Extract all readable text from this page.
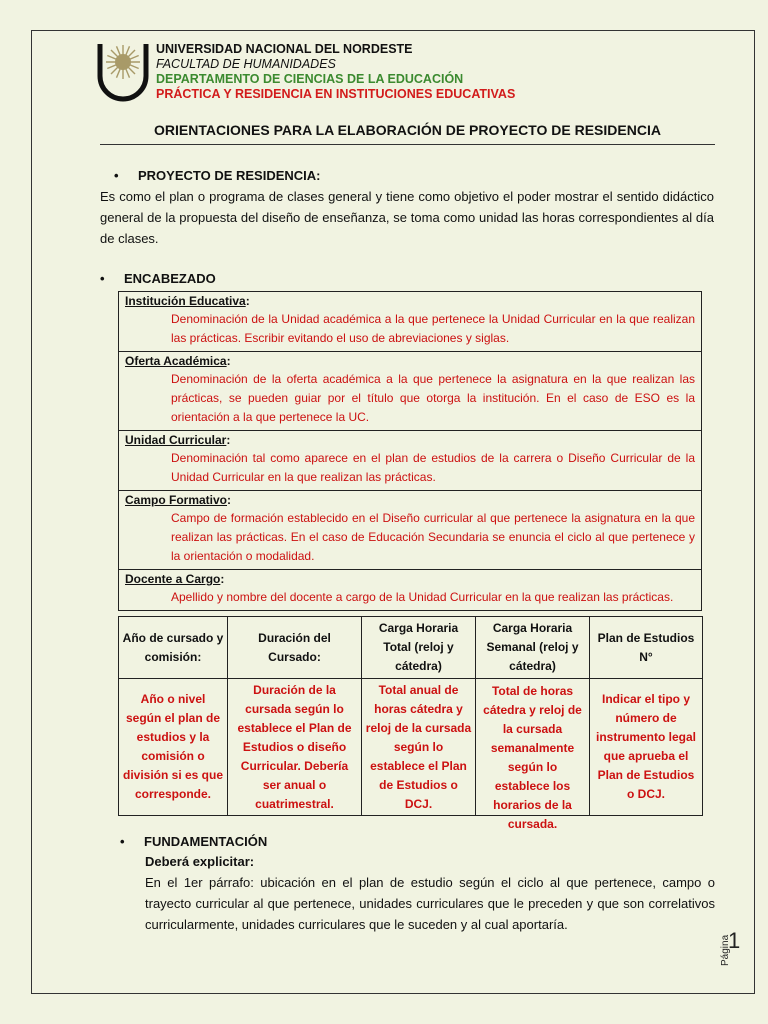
UNIVERSIDAD NACIONAL DEL NORDESTE
FACULTAD DE HUMANIDADES
DEPARTAMENTO DE CIENCIAS DE LA EDUCACIÓN
PRÁCTICA Y RESIDENCIA EN INSTITUCIONES EDUCATIVAS
ORIENTACIONES PARA LA ELABORACIÓN DE PROYECTO DE RESIDENCIA
• PROYECTO DE RESIDENCIA:
Es como el plan o programa de clases general y tiene como objetivo el poder mostrar el sentido didáctico general de la propuesta del diseño de enseñanza, se toma como unidad las horas correspondientes al día de clases.
• ENCABEZADO
Institución Educativa:
Denominación de la Unidad académica a la que pertenece la Unidad Curricular en la que realizan las prácticas. Escribir evitando el uso de abreviaciones y siglas.

Oferta Académica:
Denominación de la oferta académica a la que pertenece la asignatura en la que realizan las prácticas, se pueden guiar por el título que otorga la institución. En el caso de ESO es la orientación a la que pertenece la UC.

Unidad Curricular:
Denominación tal como aparece en el plan de estudios de la carrera o Diseño Curricular de la Unidad Curricular en la que realizan las prácticas.

Campo Formativo:
Campo de formación establecido en el Diseño curricular al que pertenece la asignatura en la que realizan las prácticas. En el caso de Educación Secundaria se enuncia el ciclo al que pertenece y la orientación o modalidad.

Docente a Cargo:
Apellido y nombre del docente a cargo de la Unidad Curricular en la que realizan las prácticas.
Año de cursado y comisión:	Duración del Cursado:	Carga Horaria Total (reloj y cátedra)	Carga Horaria Semanal (reloj y cátedra)	Plan de Estudios N°

Año o nivel según el plan de estudios y la comisión o división si es que corresponde.	Duración de la cursada según lo establece el Plan de Estudios o diseño Curricular. Debería ser anual o cuatrimestral.	Total anual de horas cátedra y reloj de la cursada según lo establece el Plan de Estudios o DCJ.	Total de horas cátedra y reloj de la cursada semanalmente según lo establece los horarios de la cursada.	Indicar el tipo y número de instrumento legal que aprueba el Plan de Estudios o DCJ.
• FUNDAMENTACIÓN
Deberá explicitar:
En el 1er párrafo: ubicación en el plan de estudio según el ciclo al que pertenece, campo o trayecto curricular al que pertenece, unidades curriculares que le preceden y que son correlativos curricularmente, unidades curriculares que le suceden y al cual aportaría.
Página
1
